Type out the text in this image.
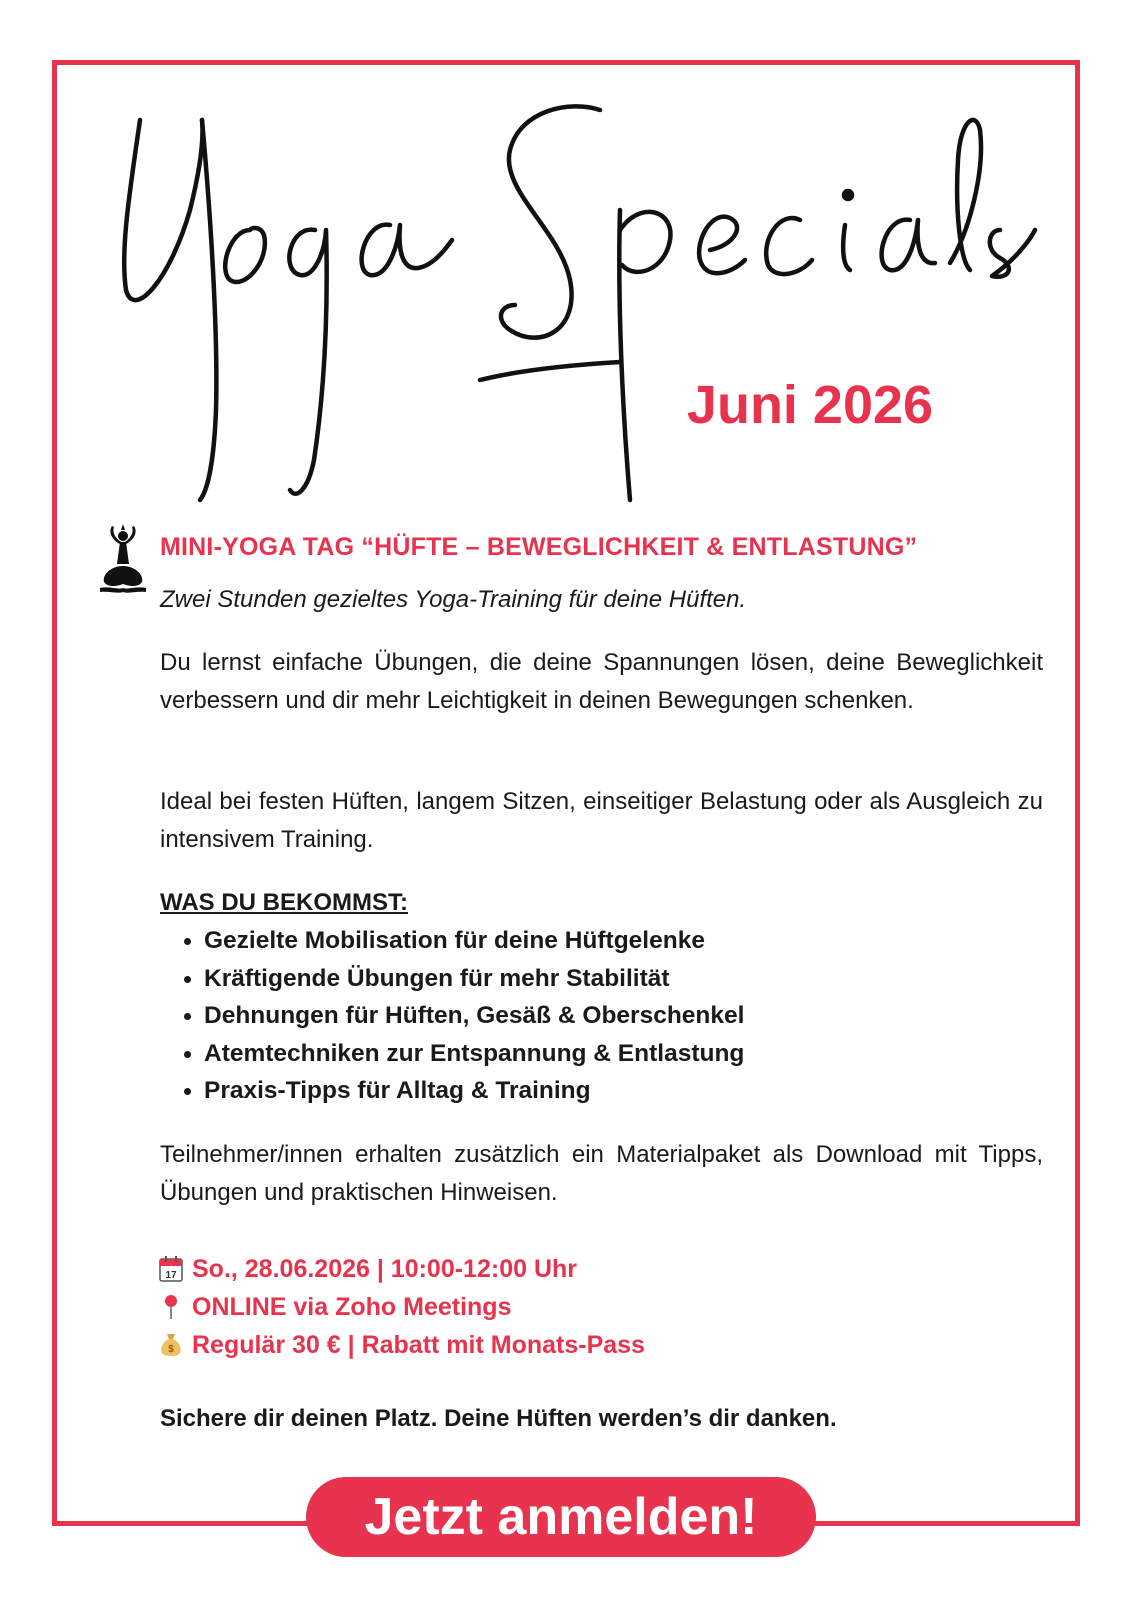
Juni 2026
MINI-YOGA TAG “HÜFTE – BEWEGLICHKEIT & ENTLASTUNG”
Zwei Stunden gezieltes Yoga-Training für deine Hüften.
Du lernst einfache Übungen, die deine Spannungen lösen, deine Beweglichkeit verbessern und dir mehr Leichtigkeit in deinen Bewegungen schenken.
Ideal bei festen Hüften, langem Sitzen, einseitiger Belastung oder als Ausgleich zu intensivem Training.
WAS DU BEKOMMST:
Gezielte Mobilisation für deine Hüftgelenke
Kräftigende Übungen für mehr Stabilität
Dehnungen für Hüften, Gesäß & Oberschenkel
Atemtechniken zur Entspannung & Entlastung
Praxis-Tipps für Alltag & Training
Teilnehmer/innen erhalten zusätzlich ein Materialpaket als Download mit Tipps, Übungen und praktischen Hinweisen.
17 So., 28.06.2026 | 10:00-12:00 Uhr
ONLINE via Zoho Meetings
$ Regulär 30 € | Rabatt mit Monats-Pass
Sichere dir deinen Platz. Deine Hüften werden’s dir danken.
Jetzt anmelden!
